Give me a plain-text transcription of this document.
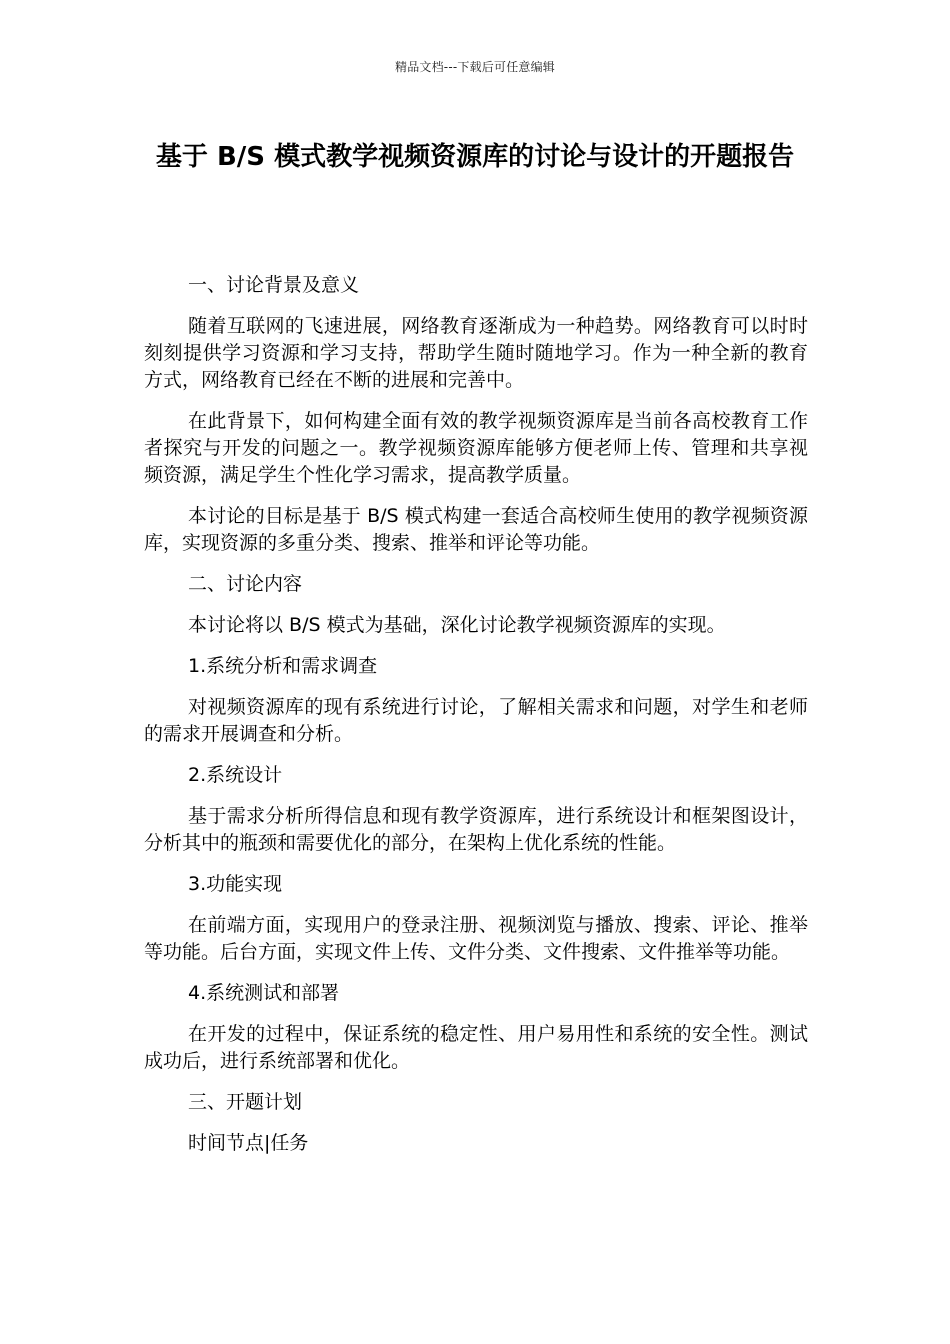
精品文档---下载后可任意编辑
基于 B/S 模式教学视频资源库的讨论与设计的开题报告

一、讨论背景及意义

随着互联网的飞速进展，网络教育逐渐成为一种趋势。网络教育可以时时刻刻提供学习资源和学习支持，帮助学生随时随地学习。作为一种全新的教育方式，网络教育已经在不断的进展和完善中。

在此背景下，如何构建全面有效的教学视频资源库是当前各高校教育工作者探究与开发的问题之一。教学视频资源库能够方便老师上传、管理和共享视频资源，满足学生个性化学习需求，提高教学质量。

本讨论的目标是基于 B/S 模式构建一套适合高校师生使用的教学视频资源库，实现资源的多重分类、搜索、推举和评论等功能。

二、讨论内容

本讨论将以 B/S 模式为基础，深化讨论教学视频资源库的实现。

1.系统分析和需求调查

对视频资源库的现有系统进行讨论，了解相关需求和问题，对学生和老师的需求开展调查和分析。

2.系统设计

基于需求分析所得信息和现有教学资源库，进行系统设计和框架图设计，分析其中的瓶颈和需要优化的部分，在架构上优化系统的性能。

3.功能实现

在前端方面，实现用户的登录注册、视频浏览与播放、搜索、评论、推举等功能。后台方面，实现文件上传、文件分类、文件搜索、文件推举等功能。

4.系统测试和部署

在开发的过程中，保证系统的稳定性、用户易用性和系统的安全性。测试成功后，进行系统部署和优化。

三、开题计划

时间节点|任务
